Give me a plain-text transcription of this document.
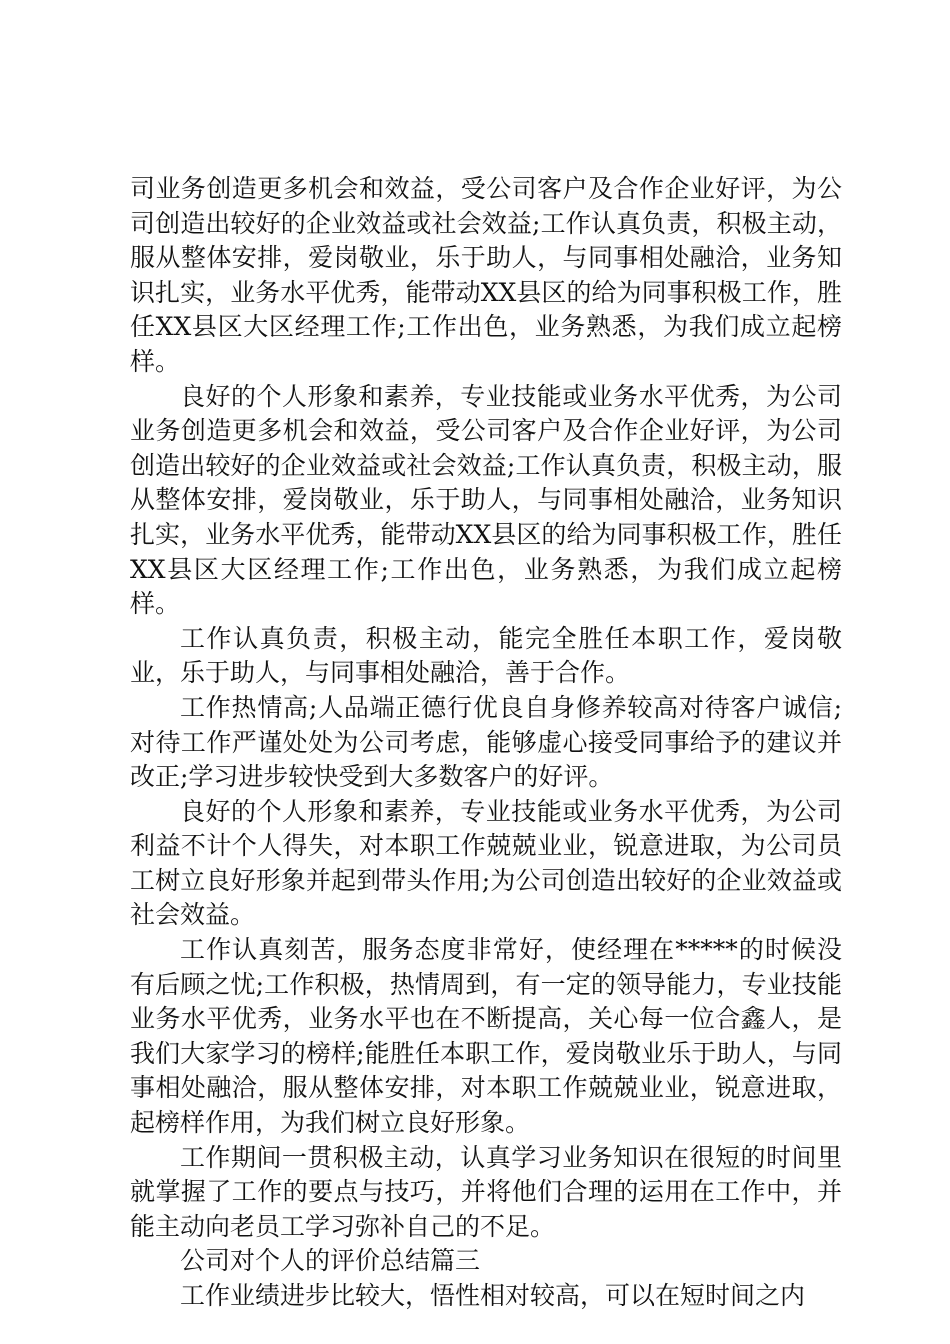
司业务创造更多机会和效益，受公司客户及合作企业好评，为公司创造出较好的企业效益或社会效益;工作认真负责，积极主动，服从整体安排，爱岗敬业，乐于助人，与同事相处融洽，业务知识扎实，业务水平优秀，能带动XX县区的给为同事积极工作，胜任XX县区大区经理工作;工作出色，业务熟悉，为我们成立起榜样。

良好的个人形象和素养，专业技能或业务水平优秀，为公司业务创造更多机会和效益，受公司客户及合作企业好评，为公司创造出较好的企业效益或社会效益;工作认真负责，积极主动，服从整体安排，爱岗敬业，乐于助人，与同事相处融洽，业务知识扎实，业务水平优秀，能带动XX县区的给为同事积极工作，胜任XX县区大区经理工作;工作出色，业务熟悉，为我们成立起榜样。

工作认真负责，积极主动，能完全胜任本职工作，爱岗敬业，乐于助人，与同事相处融洽，善于合作。

工作热情高;人品端正德行优良自身修养较高对待客户诚信;对待工作严谨处处为公司考虑，能够虚心接受同事给予的建议并改正;学习进步较快受到大多数客户的好评。

良好的个人形象和素养，专业技能或业务水平优秀，为公司利益不计个人得失，对本职工作兢兢业业，锐意进取，为公司员工树立良好形象并起到带头作用;为公司创造出较好的企业效益或社会效益。

工作认真刻苦，服务态度非常好，使经理在*****的时候没有后顾之忧;工作积极，热情周到，有一定的领导能力，专业技能业务水平优秀，业务水平也在不断提高，关心每一位合鑫人，是我们大家学习的榜样;能胜任本职工作，爱岗敬业乐于助人，与同事相处融洽，服从整体安排，对本职工作兢兢业业，锐意进取，起榜样作用，为我们树立良好形象。

工作期间一贯积极主动，认真学习业务知识在很短的时间里就掌握了工作的要点与技巧，并将他们合理的运用在工作中，并能主动向老员工学习弥补自己的不足。

公司对个人的评价总结篇三

工作业绩进步比较大，悟性相对较高，可以在短时间之内
